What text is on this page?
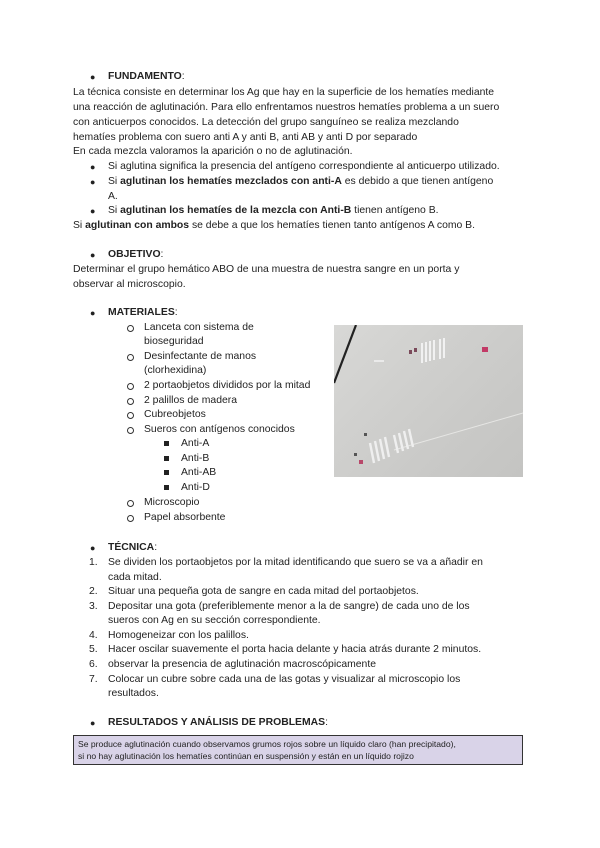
● FUNDAMENTO:
La técnica consiste en determinar los Ag que hay en la superficie de los hematíes mediante
una reacción de aglutinación. Para ello enfrentamos nuestros hematíes problema a un suero
con anticuerpos conocidos. La detección del grupo sanguíneo se realiza mezclando
hematíes problema con suero anti A y anti B, anti AB y anti D por separado
En cada mezcla valoramos la aparición o no de aglutinación.
● Si aglutina significa la presencia del antígeno correspondiente al anticuerpo utilizado.
● Si aglutinan los hematíes mezclados con anti-A es debido a que tienen antígeno
A.
● Si aglutinan los hematíes de la mezcla con Anti-B tienen antígeno B.
Si aglutinan con ambos se debe a que los hematíes tienen tanto antígenos A como B.
● OBJETIVO:
Determinar el grupo hemático ABO de una muestra de nuestra sangre en un porta y
observar al microscopio.
● MATERIALES:
Lanceta con sistema de
bioseguridad
Desinfectante de manos
(clorhexidina)
2 portaobjetos divididos por la mitad
2 palillos de madera
Cubreobjetos
Sueros con antígenos conocidos
Anti-A
Anti-B
Anti-AB
Anti-D
Microscopio
Papel absorbente
● TÉCNICA:
1. Se dividen los portaobjetos por la mitad identificando que suero se va a añadir en
cada mitad.
2. Situar una pequeña gota de sangre en cada mitad del portaobjetos.
3. Depositar una gota (preferiblemente menor a la de sangre) de cada uno de los
sueros con Ag en su sección correspondiente.
4. Homogeneizar con los palillos.
5. Hacer oscilar suavemente el porta hacia delante y hacia atrás durante 2 minutos.
6. observar la presencia de aglutinación macroscópicamente
7. Colocar un cubre sobre cada una de las gotas y visualizar al microscopio los
resultados.
● RESULTADOS Y ANÁLISIS DE PROBLEMAS:
Se produce aglutinación cuando observamos grumos rojos sobre un líquido claro (han precipitado),
si no hay aglutinación los hematíes continúan en suspensión y están en un líquido rojizo
